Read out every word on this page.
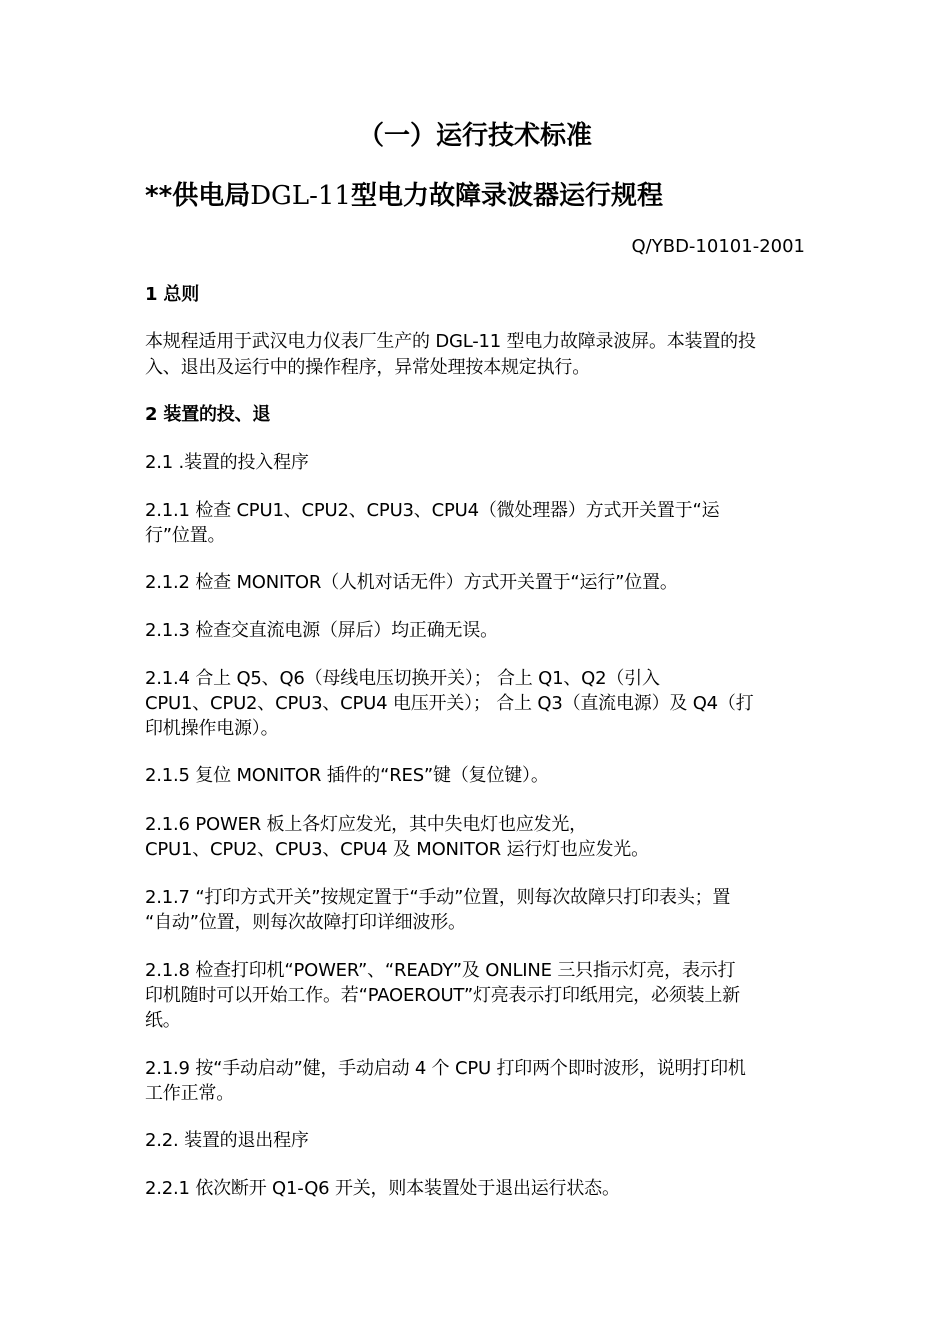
（一）运行技术标准
**供电局DGL-11型电力故障录波器运行规程
Q/YBD-10101-2001
1 总则
本规程适用于武汉电力仪表厂生产的 DGL-11 型电力故障录波屏。本装置的投
入、退出及运行中的操作程序，异常处理按本规定执行。
2 装置的投、退
2.1 .装置的投入程序
2.1.1 检查 CPU1、CPU2、CPU3、CPU4（微处理器）方式开关置于“运
行”位置。
2.1.2 检查 MONITOR（人机对话无件）方式开关置于“运行”位置。
2.1.3 检查交直流电源（屏后）均正确无误。
2.1.4 合上 Q5、Q6（母线电压切换开关）； 合上 Q1、Q2（引入
CPU1、CPU2、CPU3、CPU4 电压开关）； 合上 Q3（直流电源）及 Q4（打
印机操作电源）。
2.1.5 复位 MONITOR 插件的“RES”键（复位键）。
2.1.6 POWER 板上各灯应发光，其中失电灯也应发光，
CPU1、CPU2、CPU3、CPU4 及 MONITOR 运行灯也应发光。
2.1.7 “打印方式开关”按规定置于“手动”位置，则每次故障只打印表头；置
“自动”位置，则每次故障打印详细波形。
2.1.8 检查打印机“POWER”、“READY”及 ONLINE 三只指示灯亮，表示打
印机随时可以开始工作。若“PAOEROUT”灯亮表示打印纸用完，必须装上新
纸。
2.1.9 按“手动启动”健，手动启动 4 个 CPU 打印两个即时波形，说明打印机
工作正常。
2.2. 装置的退出程序
2.2.1 依次断开 Q1-Q6 开关，则本装置处于退出运行状态。
